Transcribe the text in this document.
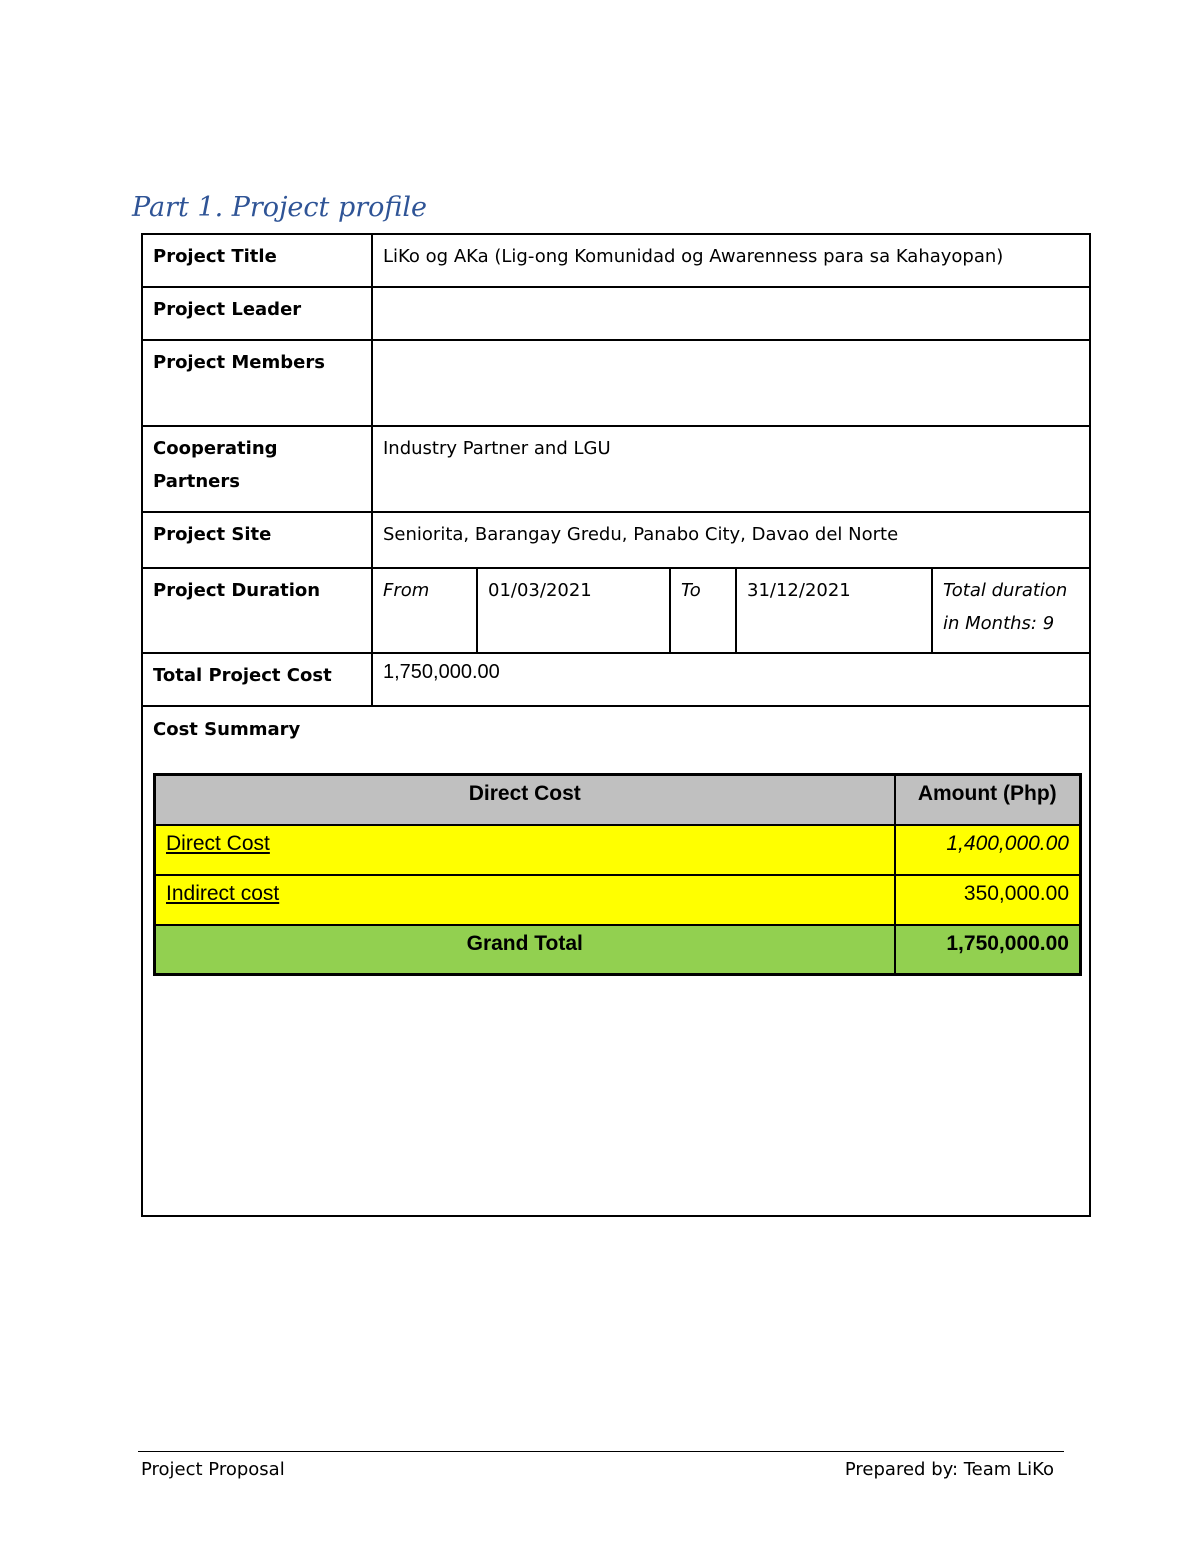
Part 1. Project profile
Project Title	LiKo og AKa (Lig-ong Komunidad og Awarenness para sa Kahayopan)
Project Leader	
Project Members	
Cooperating Partners	Industry Partner and LGU
Project Site	Seniorita, Barangay Gredu, Panabo City, Davao del Norte
Project Duration	From	01/03/2021	To	31/12/2021	Total duration in Months: 9
Total Project Cost	1,750,000.00

Cost Summary
Direct Cost	Amount (Php)
Direct Cost	1,400,000.00
Indirect cost	350,000.00
Grand Total	1,750,000.00
Project Proposal	Prepared by: Team LiKo
